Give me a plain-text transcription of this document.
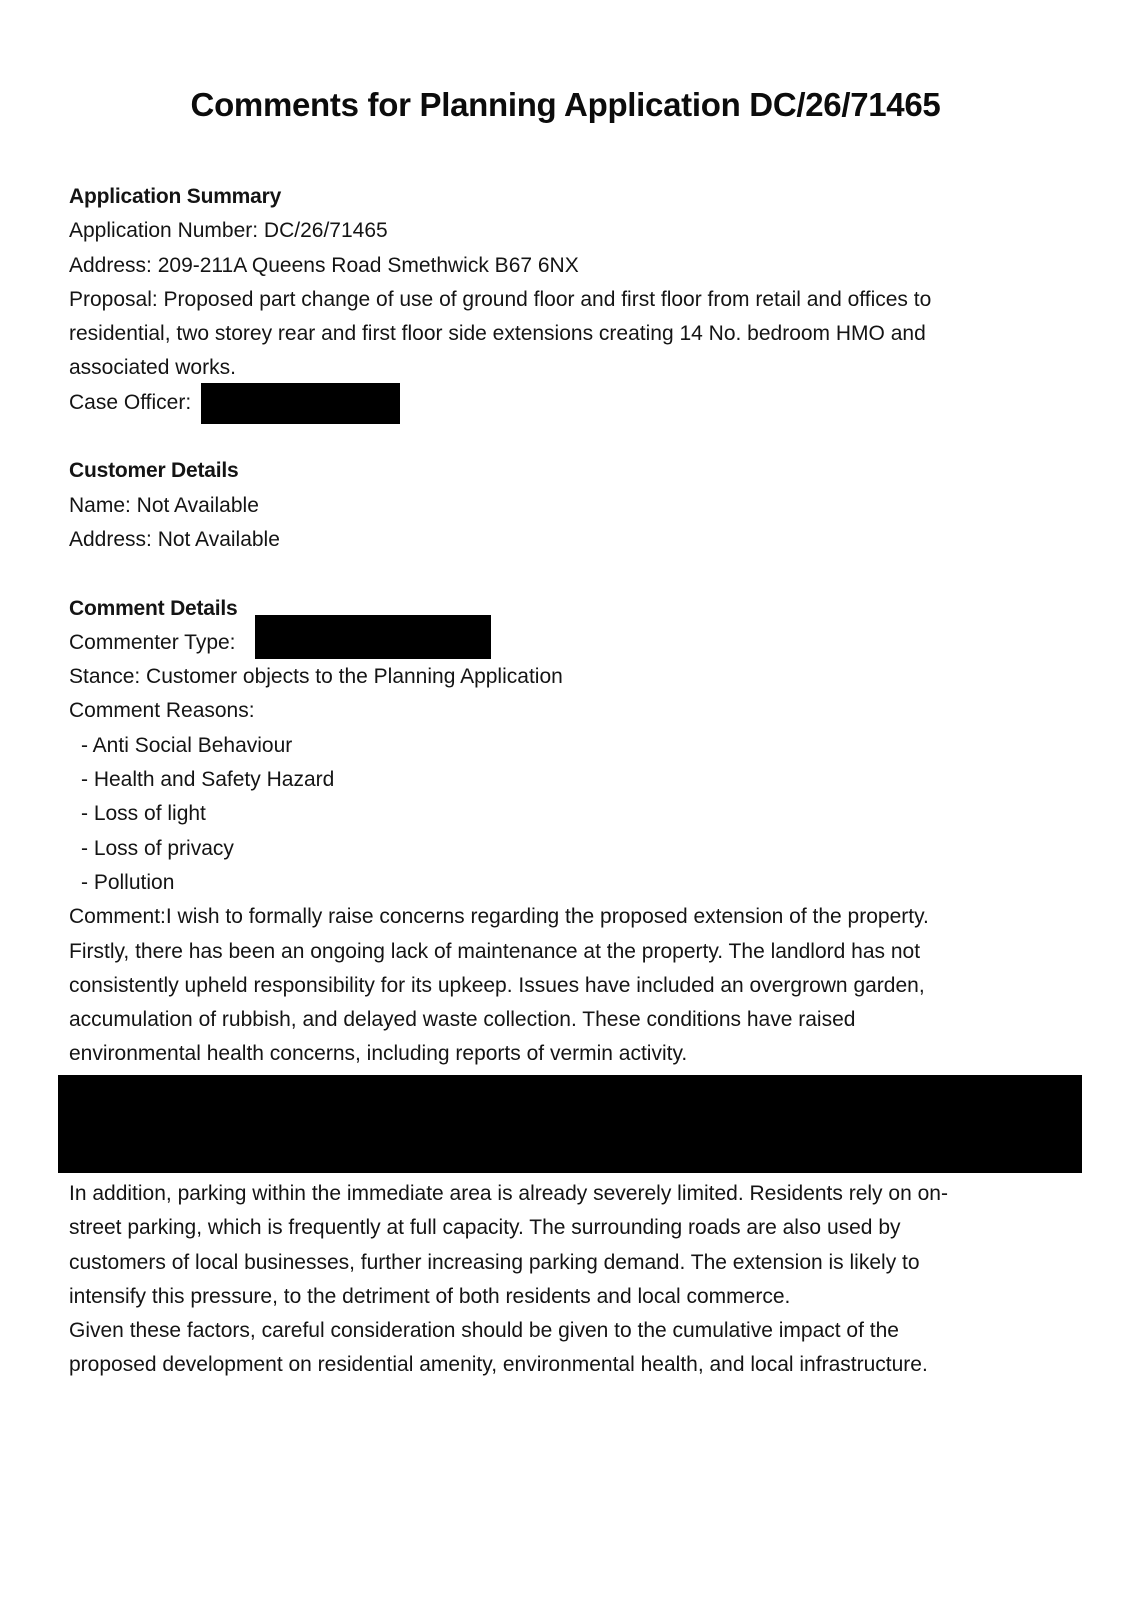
Comments for Planning Application DC/26/71465
Application Summary
Application Number: DC/26/71465
Address: 209-211A Queens Road Smethwick B67 6NX
Proposal: Proposed part change of use of ground floor and first floor from retail and offices to
residential, two storey rear and first floor side extensions creating 14 No. bedroom HMO and
associated works.
Case Officer:
Customer Details
Name: Not Available
Address: Not Available
Comment Details
Commenter Type:
Stance: Customer objects to the Planning Application
Comment Reasons:
- Anti Social Behaviour
- Health and Safety Hazard
- Loss of light
- Loss of privacy
- Pollution
Comment:I wish to formally raise concerns regarding the proposed extension of the property.
Firstly, there has been an ongoing lack of maintenance at the property. The landlord has not
consistently upheld responsibility for its upkeep. Issues have included an overgrown garden,
accumulation of rubbish, and delayed waste collection. These conditions have raised
environmental health concerns, including reports of vermin activity.
In addition, parking within the immediate area is already severely limited. Residents rely on on-
street parking, which is frequently at full capacity. The surrounding roads are also used by
customers of local businesses, further increasing parking demand. The extension is likely to
intensify this pressure, to the detriment of both residents and local commerce.
Given these factors, careful consideration should be given to the cumulative impact of the
proposed development on residential amenity, environmental health, and local infrastructure.
